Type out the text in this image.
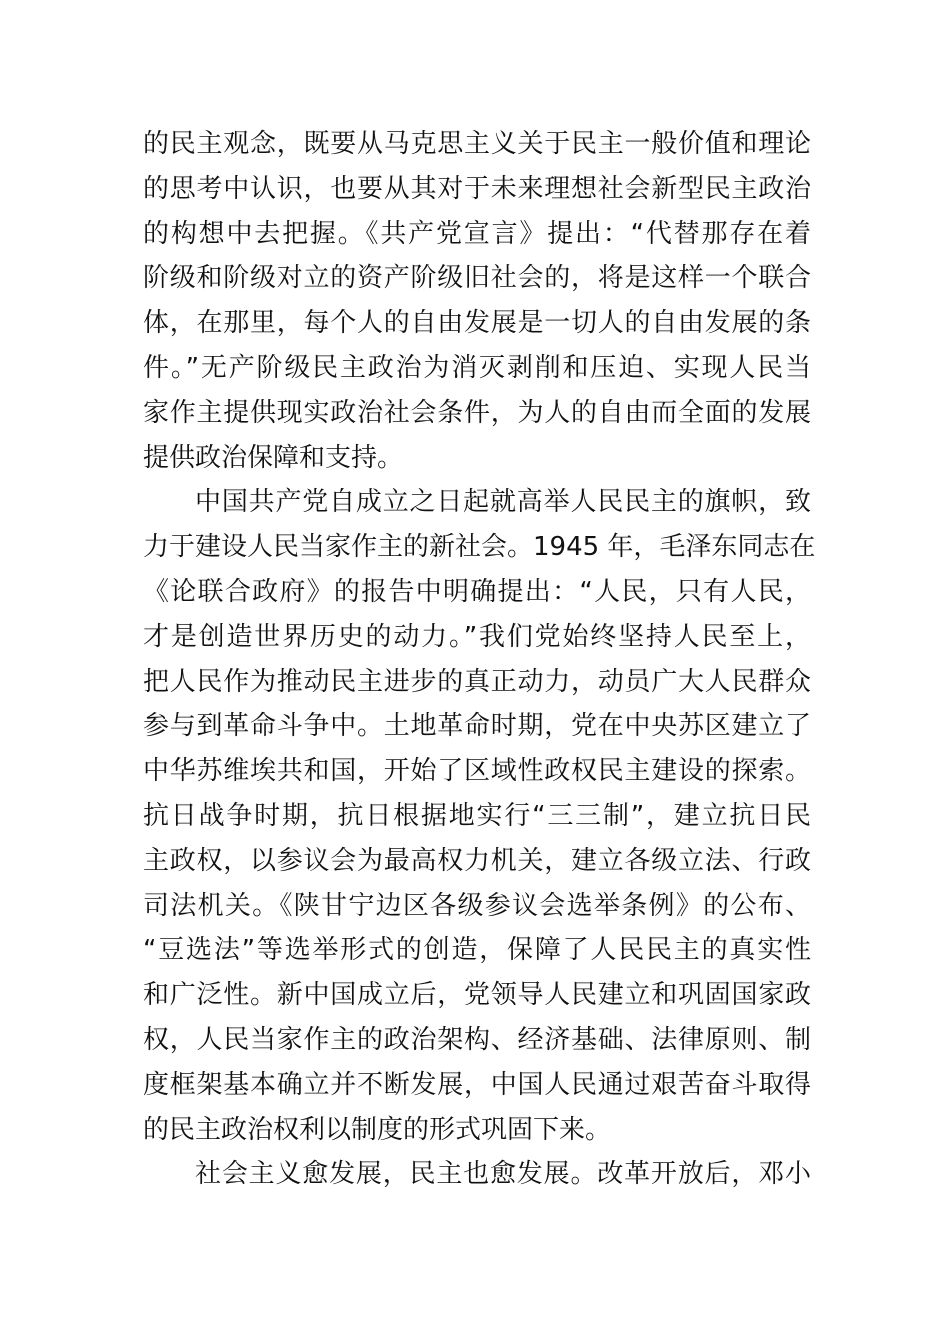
的民主观念，既要从马克思主义关于民主一般价值和理论
的思考中认识，也要从其对于未来理想社会新型民主政治
的构想中去把握。《共产党宣言》提出：“代替那存在着
阶级和阶级对立的资产阶级旧社会的，将是这样一个联合
体，在那里，每个人的自由发展是一切人的自由发展的条
件。”无产阶级民主政治为消灭剥削和压迫、实现人民当
家作主提供现实政治社会条件，为人的自由而全面的发展
提供政治保障和支持。
中国共产党自成立之日起就高举人民民主的旗帜，致
力于建设人民当家作主的新社会。1945 年，毛泽东同志在
《论联合政府》的报告中明确提出：“人民，只有人民，
才是创造世界历史的动力。”我们党始终坚持人民至上，
把人民作为推动民主进步的真正动力，动员广大人民群众
参与到革命斗争中。土地革命时期，党在中央苏区建立了
中华苏维埃共和国，开始了区域性政权民主建设的探索。
抗日战争时期，抗日根据地实行“三三制”，建立抗日民
主政权，以参议会为最高权力机关，建立各级立法、行政
司法机关。《陕甘宁边区各级参议会选举条例》的公布、
“豆选法”等选举形式的创造，保障了人民民主的真实性
和广泛性。新中国成立后，党领导人民建立和巩固国家政
权，人民当家作主的政治架构、经济基础、法律原则、制
度框架基本确立并不断发展，中国人民通过艰苦奋斗取得
的民主政治权利以制度的形式巩固下来。
社会主义愈发展，民主也愈发展。改革开放后，邓小
